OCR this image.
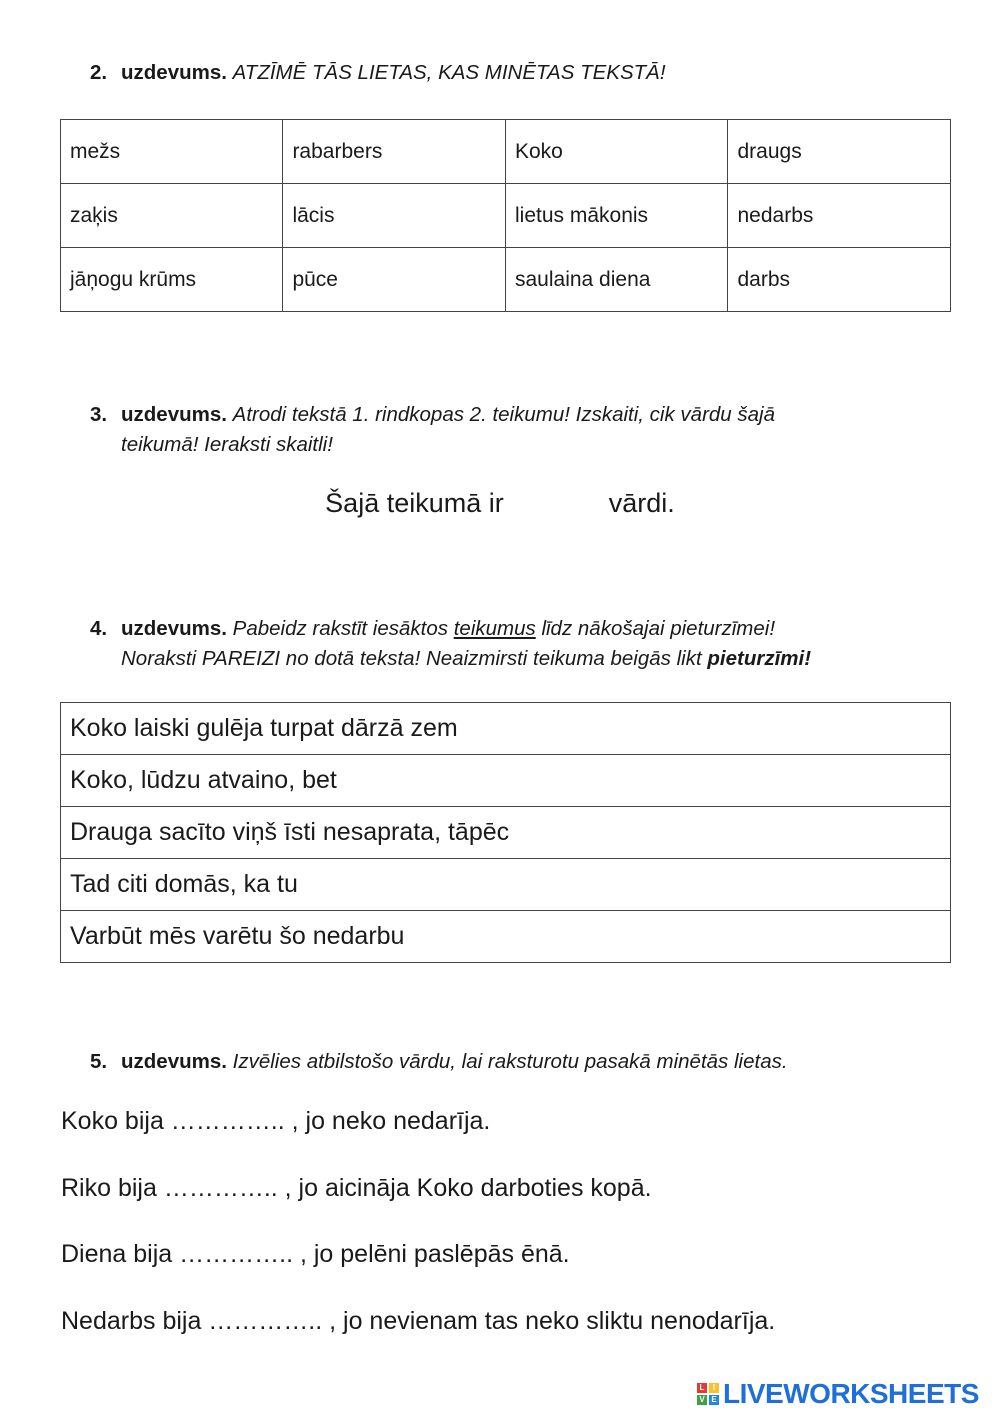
2. uzdevums. ATZĪMĒ TĀS LIETAS, KAS MINĒTAS TEKSTĀ!
mežs	rabarbers	Koko	draugs
zaķis	lācis	lietus mākonis	nedarbs
jāņogu krūms	pūce	saulaina diena	darbs
3. uzdevums. Atrodi tekstā 1. rindkopas 2. teikumu! Izskaiti, cik vārdu šajā
teikumā! Ieraksti skaitli!
Šajā teikumā ir	vārdi.
4. uzdevums. Pabeidz rakstīt iesāktos teikumus līdz nākošajai pieturzīmei!
Noraksti PAREIZI no dotā teksta! Neaizmirsti teikuma beigās likt pieturzīmi!
Koko laiski gulēja turpat dārzā zem
Koko, lūdzu atvaino, bet
Drauga sacīto viņš īsti nesaprata, tāpēc
Tad citi domās, ka tu
Varbūt mēs varētu šo nedarbu
5. uzdevums. Izvēlies atbilstošo vārdu, lai raksturotu pasakā minētās lietas.
Koko bija ………….. , jo neko nedarīja.
Riko bija ………….. , jo aicināja Koko darboties kopā.
Diena bija ………….. , jo pelēni paslēpās ēnā.
Nedarbs bija ………….. , jo nevienam tas neko sliktu nenodarīja.
L	I
V E LIVEWORKSHEETS
